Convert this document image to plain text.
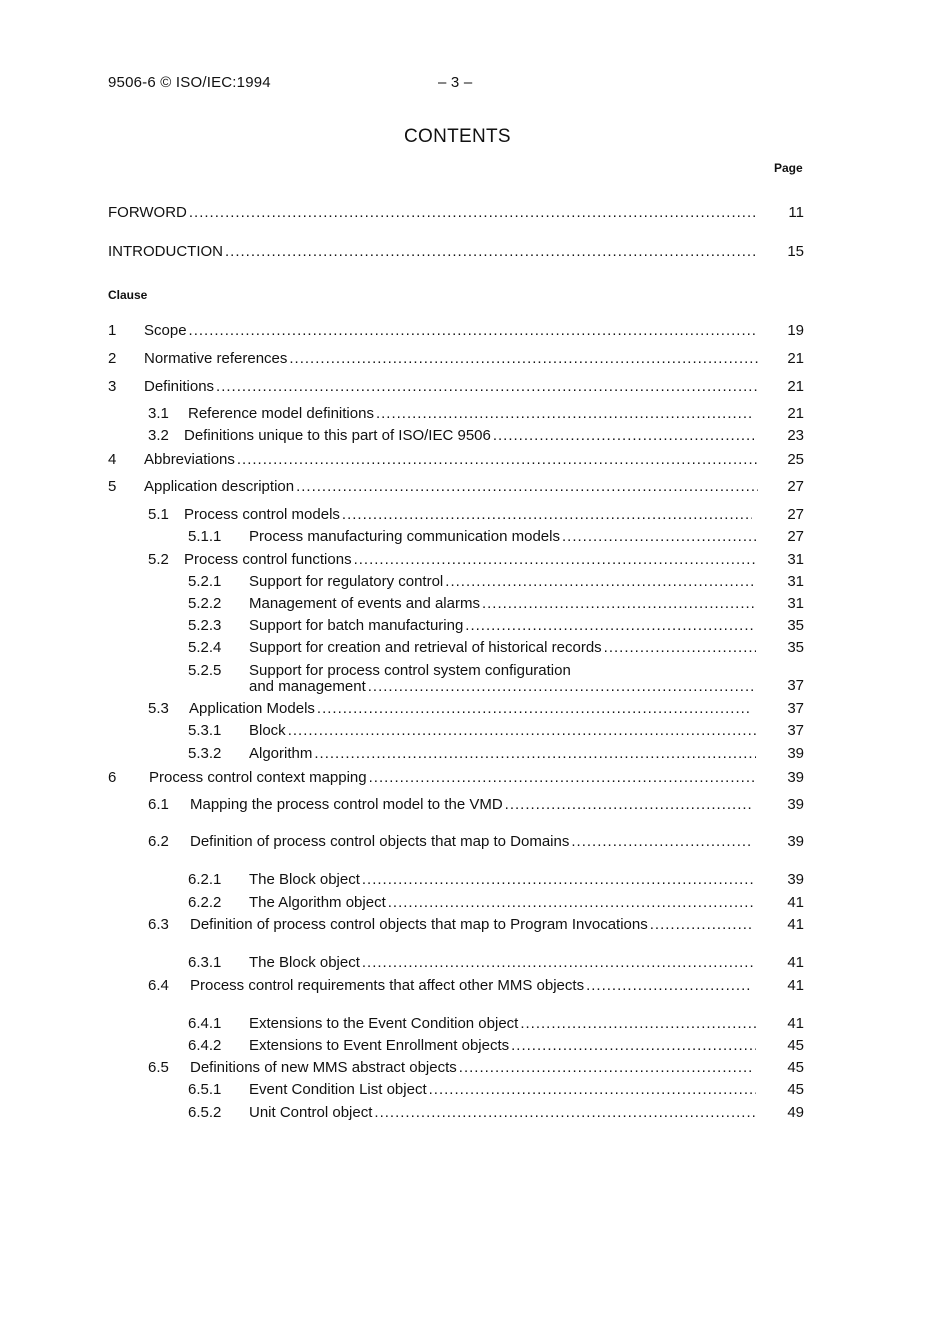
9506-6 © ISO/IEC:1994	– 3 –
CONTENTS
Page
FORWORD .....	11
INTRODUCTION .....	15
Clause
1	Scope .....	19
2	Normative references .....	21
3	Definitions .....	21
3.1	Reference model definitions .....	21
3.2	Definitions unique to this part of ISO/IEC 9506 .....	23
4	Abbreviations .....	25
5	Application description .....	27
5.1	Process control models .....	27
5.1.1	Process manufacturing communication models .....	27
5.2	Process control functions .....	31
5.2.1	Support for regulatory control .....	31
5.2.2	Management of events and alarms .....	31
5.2.3	Support for batch manufacturing .....	35
5.2.4	Support for creation and retrieval of historical records .....	35
5.2.5 Support for process control system configuration
and management .....	37
5.3	Application Models .....	37
5.3.1	Block .....	37
5.3.2	Algorithm .....	39
6	Process control context mapping .....	39
6.1	Mapping the process control model to the VMD .....	39
6.2	Definition of process control objects that map to Domains .....	39
6.2.1	The Block object .....	39
6.2.2	The Algorithm object .....	41
6.3	Definition of process control objects that map to Program Invocations .....	41
6.3.1	The Block object .....	41
6.4	Process control requirements that affect other MMS objects .....	41
6.4.1	Extensions to the Event Condition object .....	41
6.4.2	Extensions to Event Enrollment objects .....	45
6.5	Definitions of new MMS abstract objects .....	45
6.5.1	Event Condition List object .....	45
6.5.2	Unit Control object .....	49
